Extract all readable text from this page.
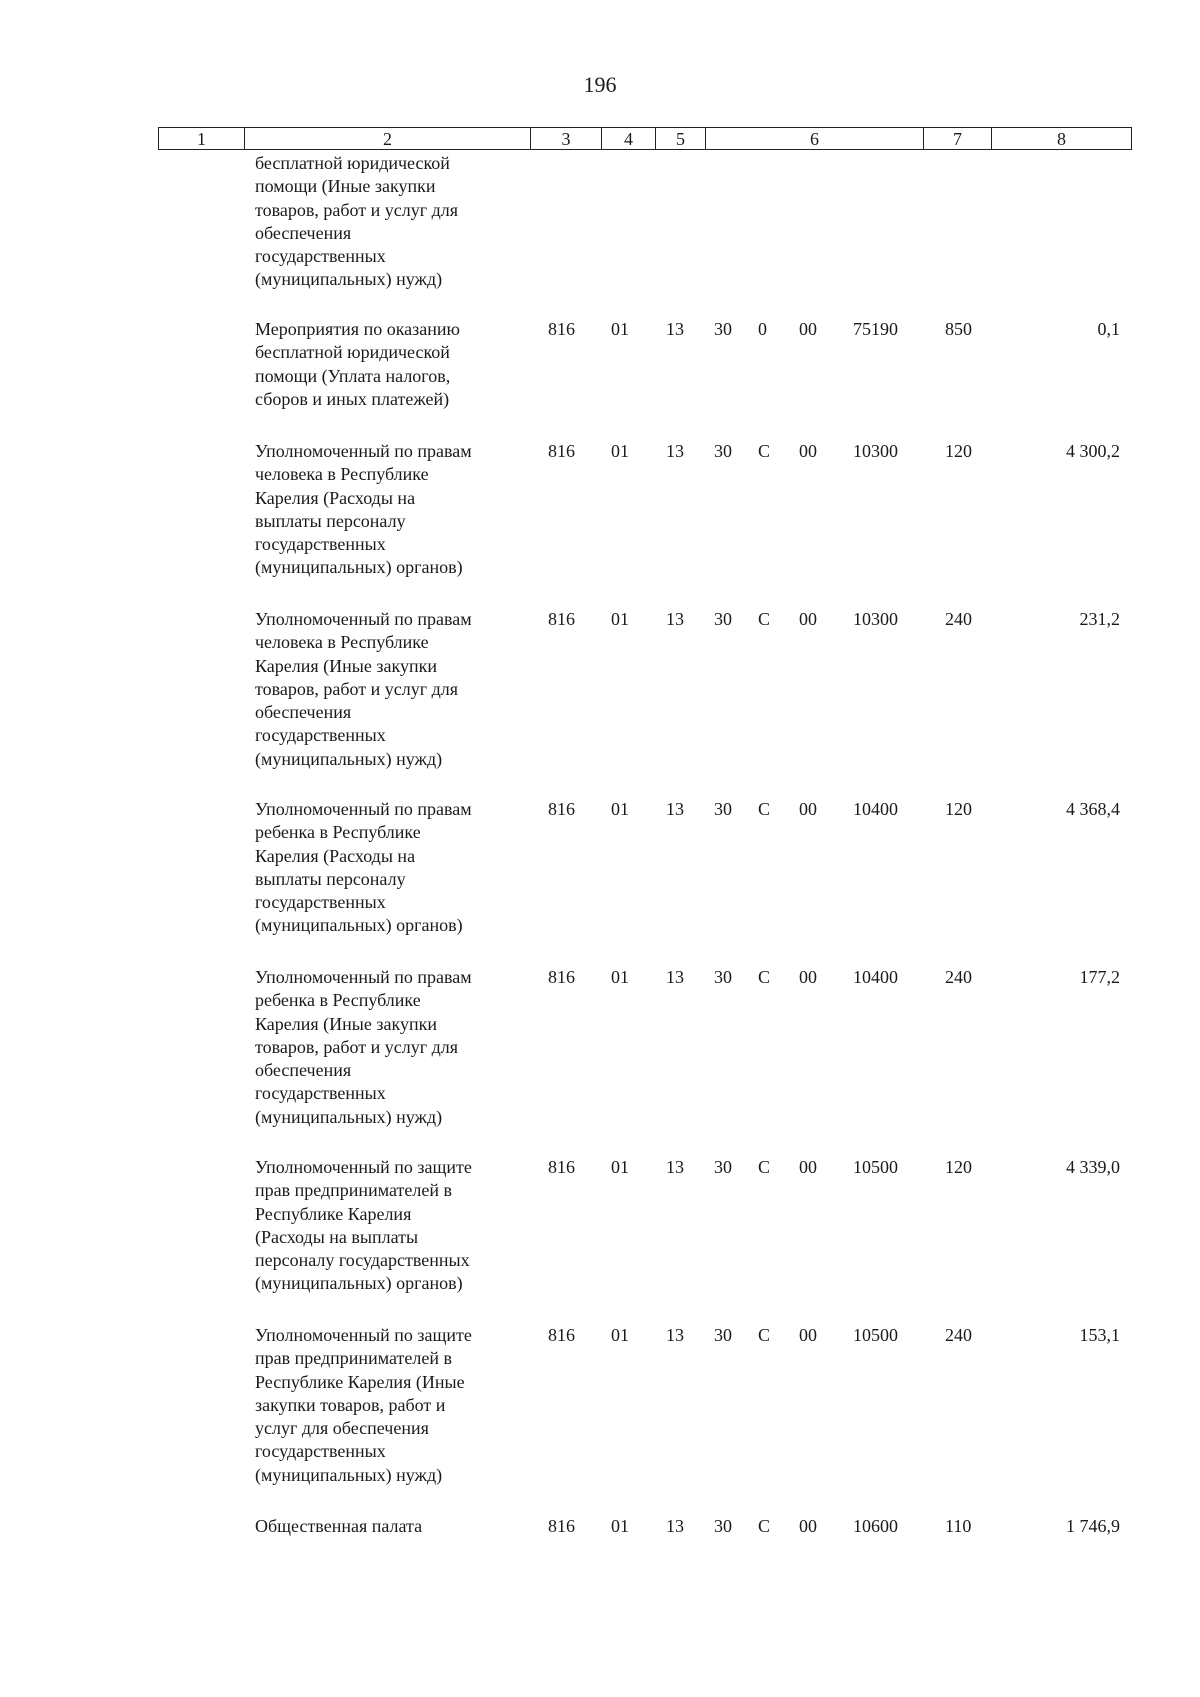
196
1	2	3	4	5	6	7	8
бесплатной юридической
помощи (Иные закупки
товаров, работ и услуг для
обеспечения
государственных
(муниципальных) нужд)
Мероприятия по оказанию
бесплатной юридической
помощи (Уплата налогов,
сборов и иных платежей)
816 01 13 30 0 00 75190	850	0,1
Уполномоченный по правам
человека в Республике
Карелия (Расходы на
выплаты персоналу
государственных
(муниципальных) органов)
816 01 13 30 С 00 10300	120	4 300,2
Уполномоченный по правам
человека в Республике
Карелия (Иные закупки
товаров, работ и услуг для
обеспечения
государственных
(муниципальных) нужд)
816 01 13 30 С 00 10300	240	231,2
Уполномоченный по правам
ребенка в Республике
Карелия (Расходы на
выплаты персоналу
государственных
(муниципальных) органов)
816 01 13 30 С 00 10400	120	4 368,4
Уполномоченный по правам
ребенка в Республике
Карелия (Иные закупки
товаров, работ и услуг для
обеспечения
государственных
(муниципальных) нужд)
816 01 13 30 С 00 10400	240	177,2
Уполномоченный по защите
прав предпринимателей в
Республике Карелия
(Расходы на выплаты
персоналу государственных
(муниципальных) органов)
816 01 13 30 С 00 10500	120	4 339,0
Уполномоченный по защите
прав предпринимателей в
Республике Карелия (Иные
закупки товаров, работ и
услуг для обеспечения
государственных
(муниципальных) нужд)
816 01 13 30 С 00 10500	240	153,1
Общественная палата	816 01 13 30 С 00 10600	110	1 746,9
